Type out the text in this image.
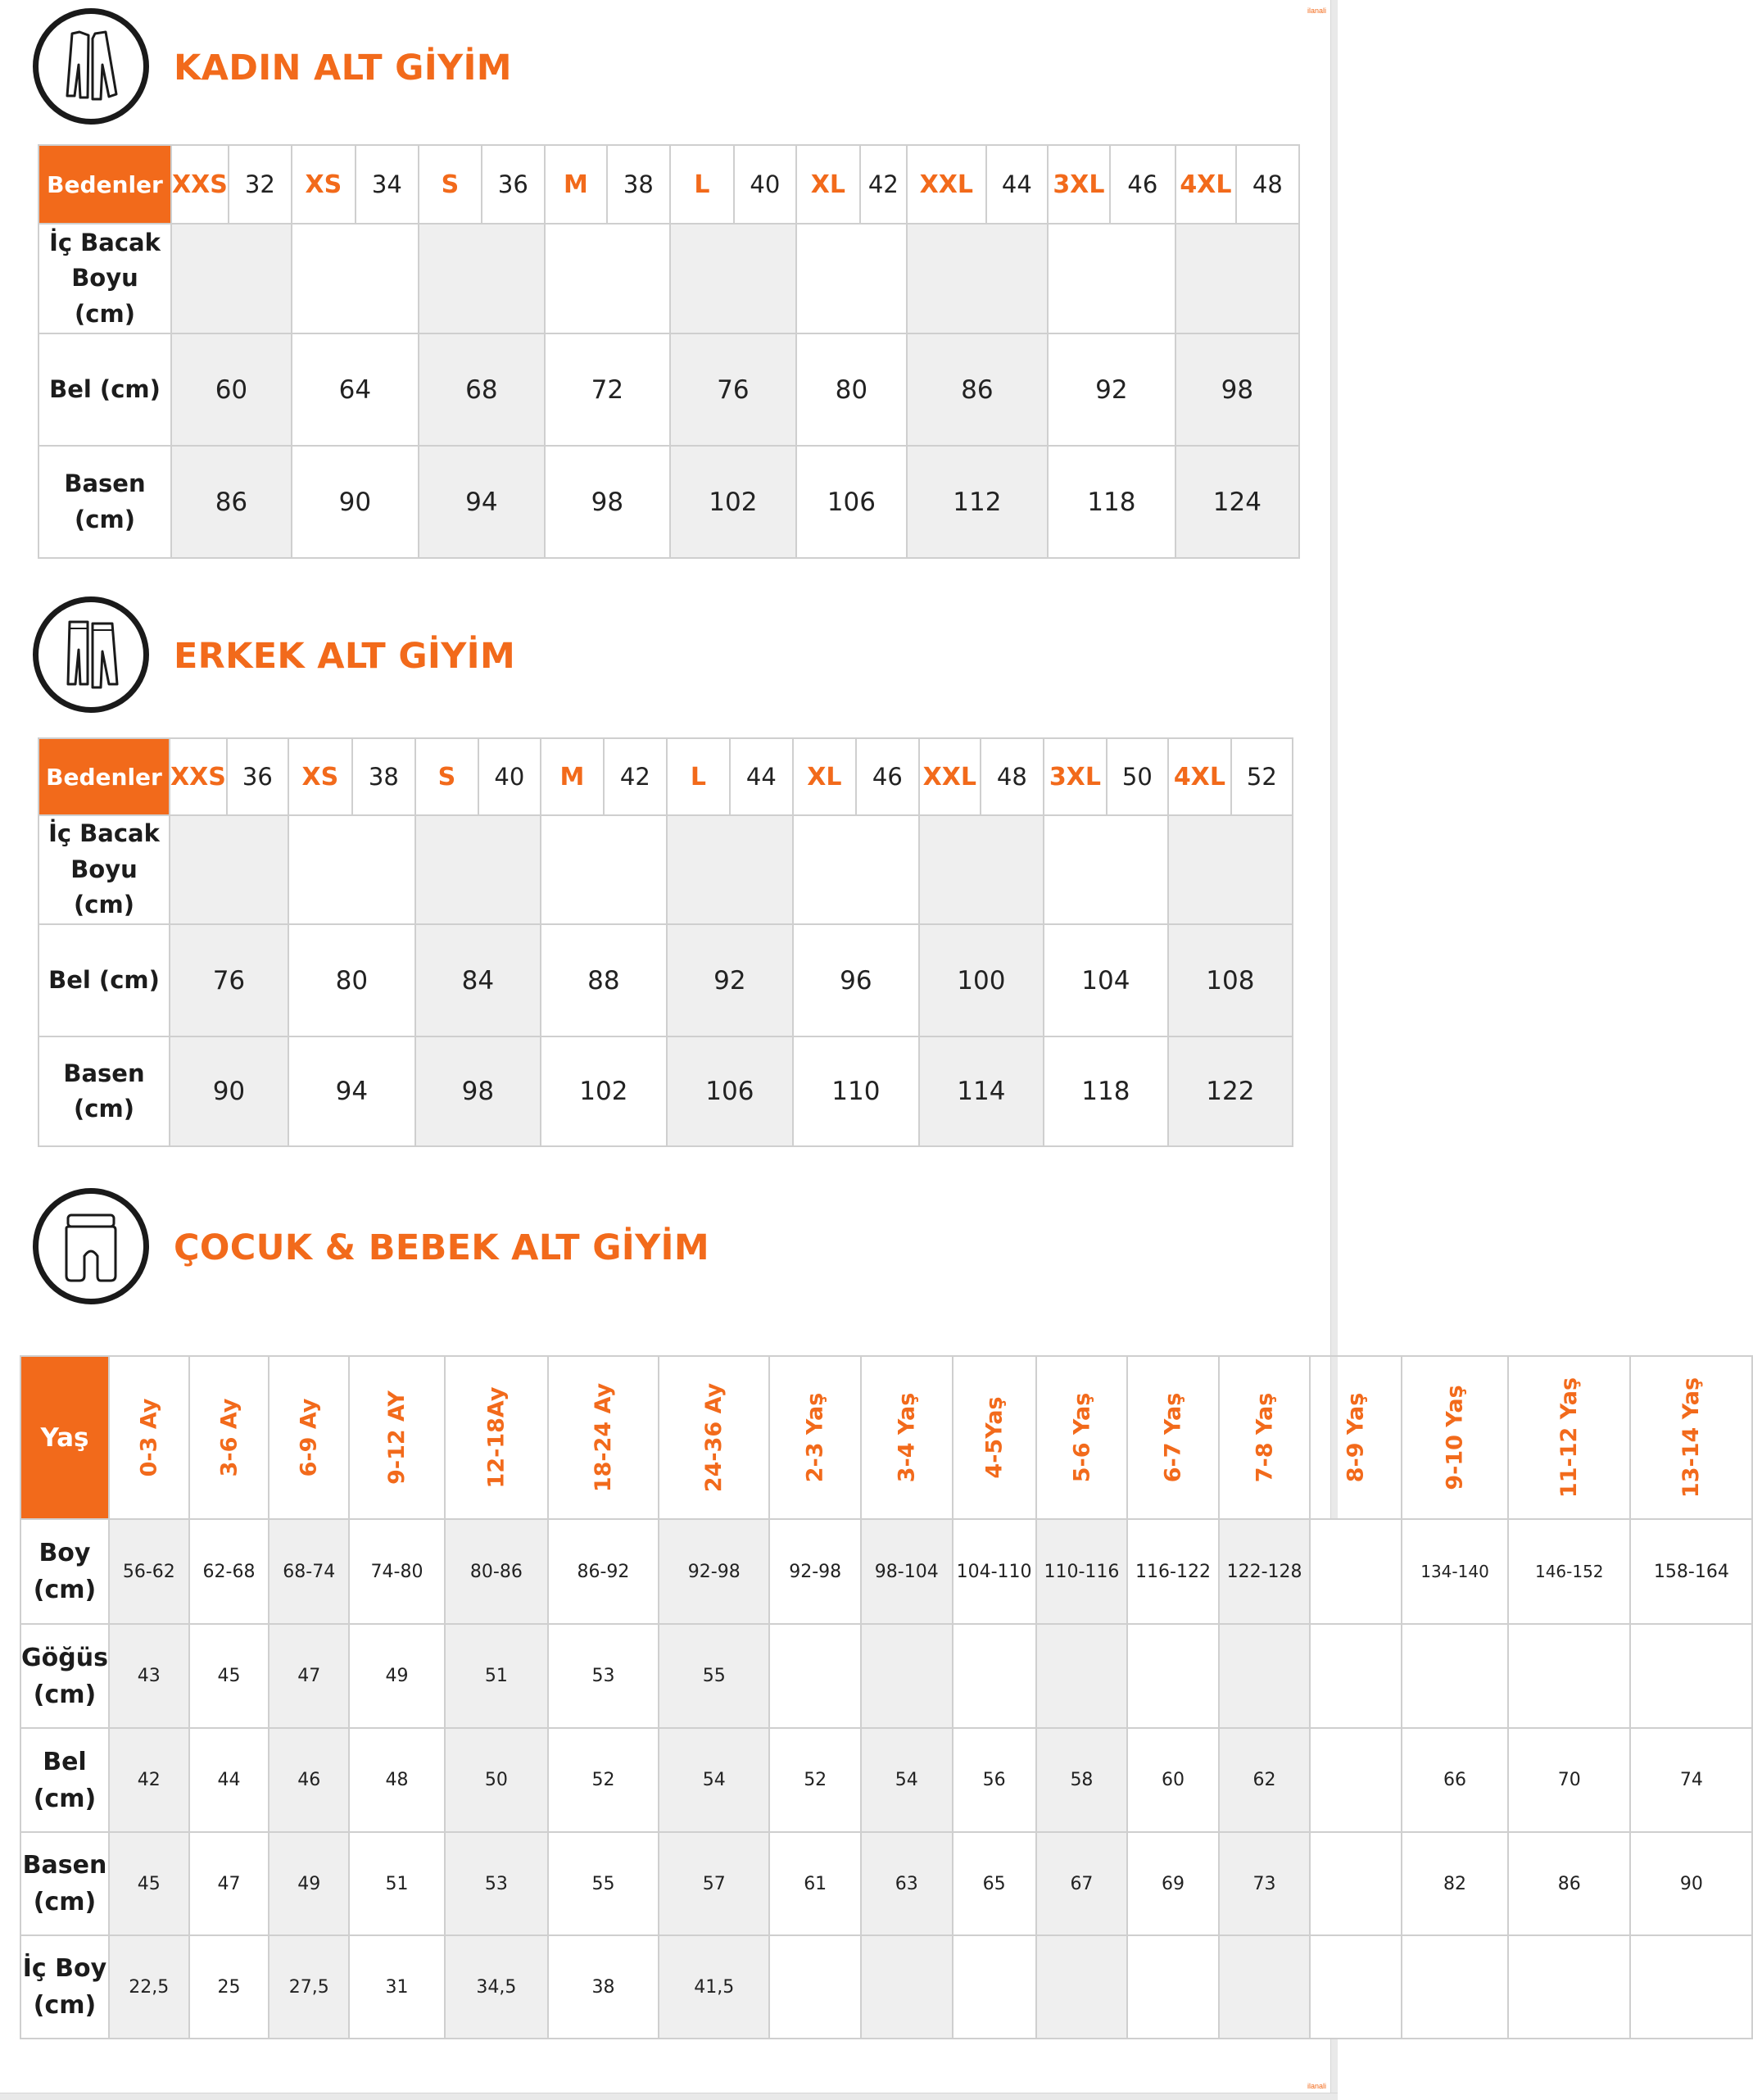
ilanali
ilanali
KADIN ALT GİYİM
Bedenler	XXS	32	XS	34	S	36	M	38	L	40	XL	42	XXL	44	3XL	46	4XL	48
İç Bacak Boyu (cm)																		
Bel (cm)	60		64		68		72		76		80		86		92		98	
Basen (cm)	86		90		94		98		102		106		112		118		124	
ERKEK ALT GİYİM
Bedenler	XXS	36	XS	38	S	40	M	42	L	44	XL	46	XXL	48	3XL	50	4XL	52
İç Bacak Boyu (cm)																		
Bel (cm)	76		80		84		88		92		96		100		104		108	
Basen (cm)	90		94		98		102		106		110		114		118		122	
ÇOCUK & BEBEK ALT GİYİM
Yaş	0-3 Ay	3-6 Ay	6-9 Ay	9-12 AY	12-18Ay	18-24 Ay	24-36 Ay	2-3 Yaş	3-4 Yaş	4-5Yaş	5-6 Yaş	6-7 Yaş	7-8 Yaş	8-9 Yaş	9-10 Yaş	11-12 Yaş	13-14 Yaş
Boy (cm)	56-62	62-68	68-74	74-80	80-86	86-92	92-98	92-98	98-104	104-110	110-116	116-122	122-128		134-140	146-152	158-164
Göğüs (cm)	43	45	47	49	51	53	55										
Bel (cm)	42	44	46	48	50	52	54	52	54	56	58	60	62		66	70	74
Basen (cm)	45	47	49	51	53	55	57	61	63	65	67	69	73		82	86	90
İç Boy (cm)	22,5	25	27,5	31	34,5	38	41,5										
